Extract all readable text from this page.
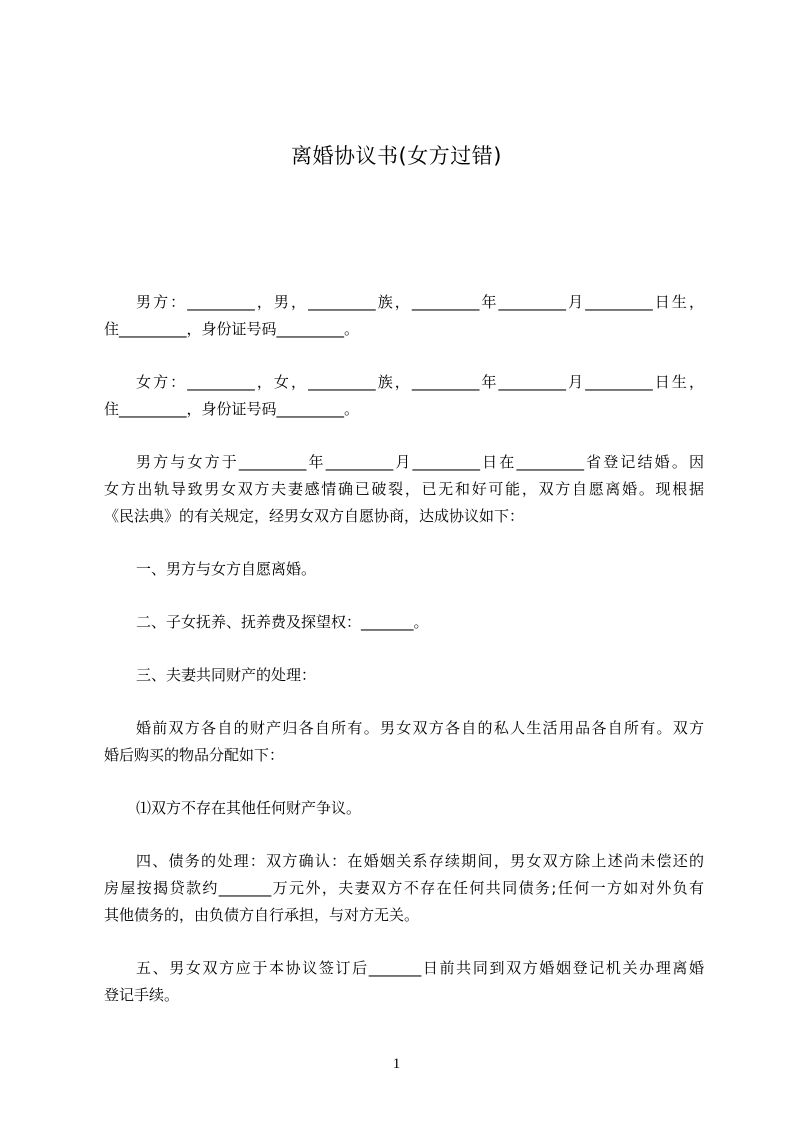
离婚协议书(女方过错)
男方：_________，男，_________族，_________年_________月_________日生，
住_________，身份证号码_________。
女方：_________，女，_________族，_________年_________月_________日生，
住_________，身份证号码_________。
男方与女方于_________年_________月_________日在_________省登记结婚。因
女方出轨导致男女双方夫妻感情确已破裂，已无和好可能，双方自愿离婚。现根据
《民法典》的有关规定，经男女双方自愿协商，达成协议如下：
一、男方与女方自愿离婚。
二、子女抚养、抚养费及探望权：_______。
三、夫妻共同财产的处理：
婚前双方各自的财产归各自所有。男女双方各自的私人生活用品各自所有。双方
婚后购买的物品分配如下：
⑴双方不存在其他任何财产争议。
四、债务的处理：双方确认：在婚姻关系存续期间，男女双方除上述尚未偿还的
房屋按揭贷款约_______万元外，夫妻双方不存在任何共同债务;任何一方如对外负有
其他债务的，由负债方自行承担，与对方无关。
五、男女双方应于本协议签订后_______日前共同到双方婚姻登记机关办理离婚
登记手续。
1
